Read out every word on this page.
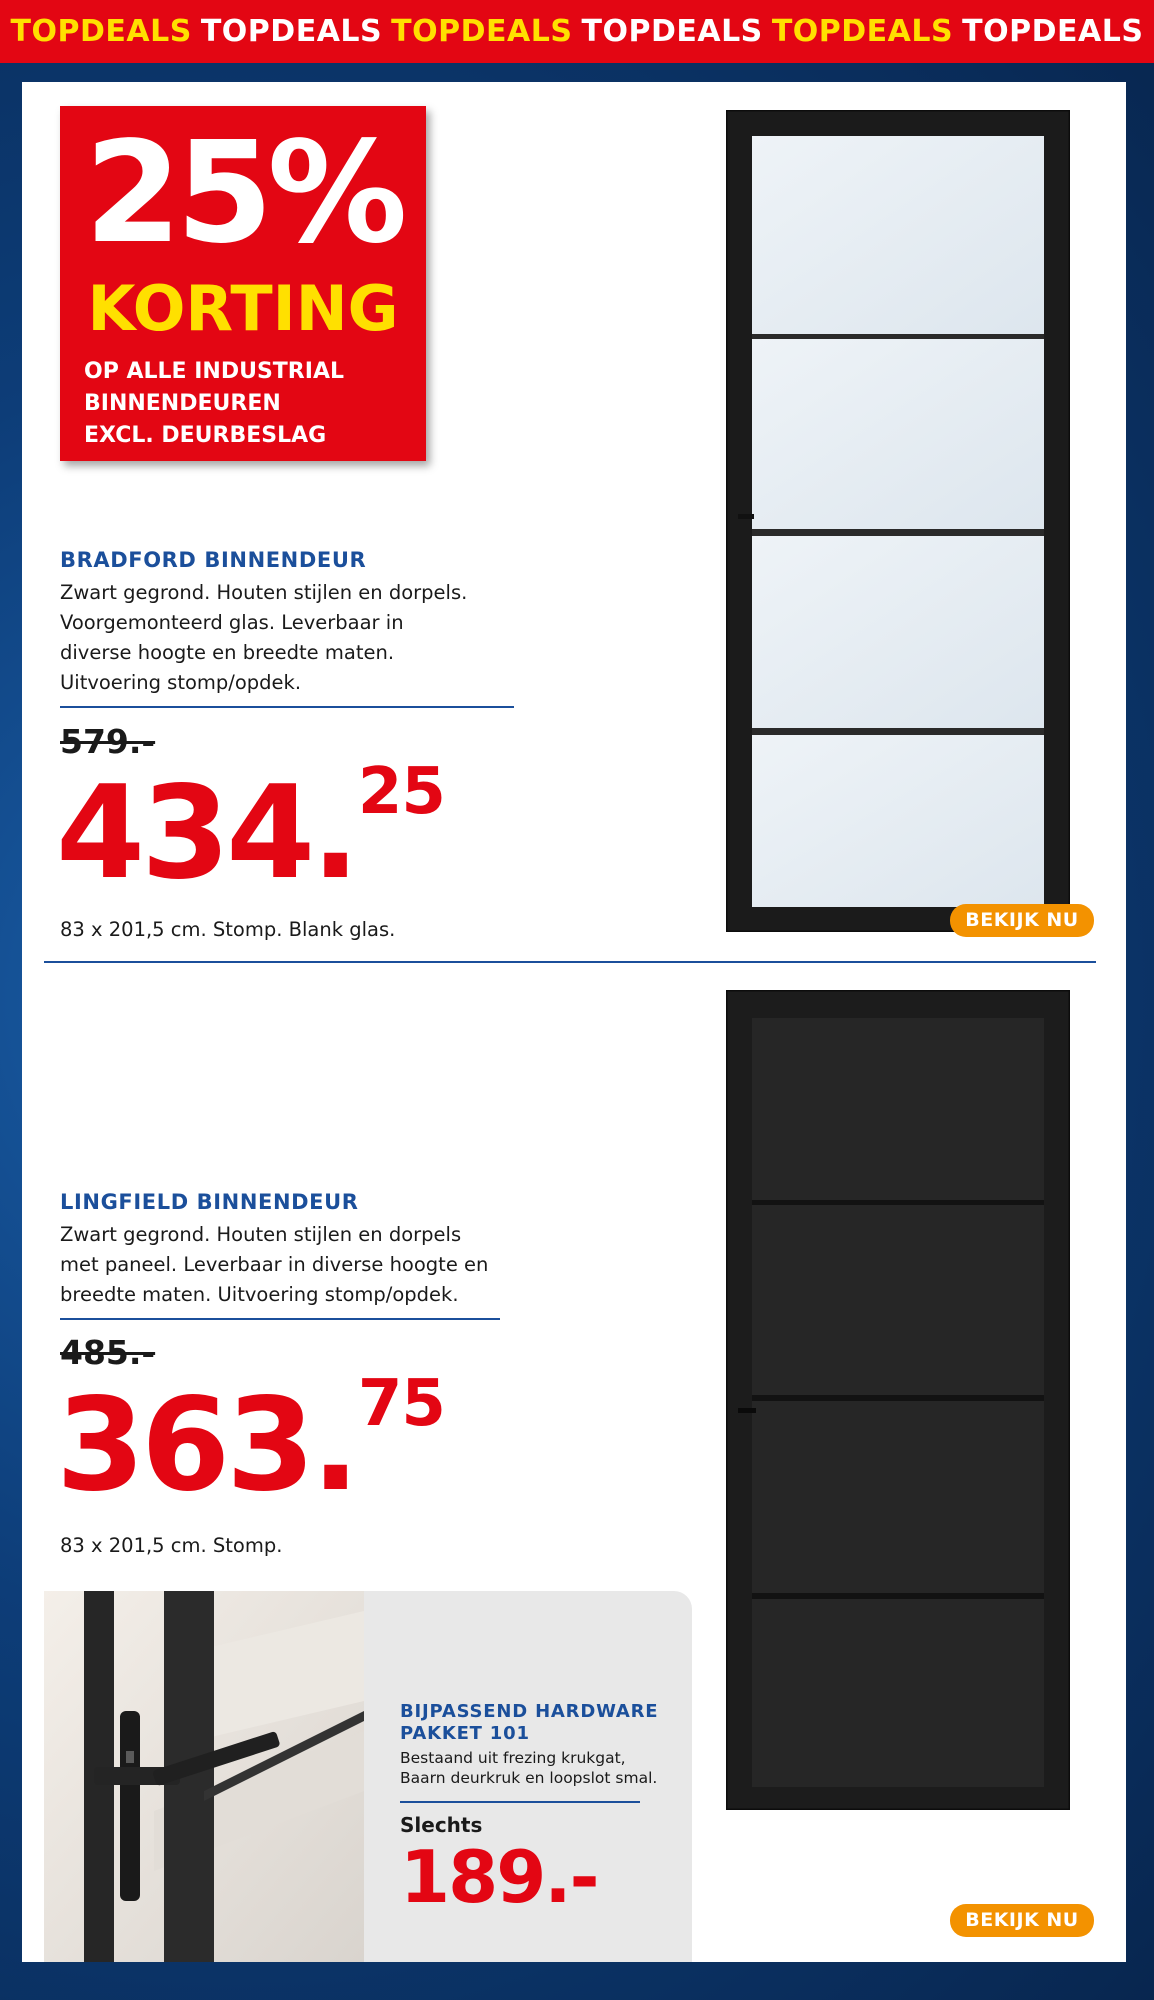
TOPDEALS TOPDEALS TOPDEALS TOPDEALS TOPDEALS TOPDEALS
25%
KORTING
OP ALLE INDUSTRIAL
BINNENDEUREN
EXCL. DEURBESLAG
BRADFORD BINNENDEUR
Zwart gegrond. Houten stijlen en dorpels.
Voorgemonteerd glas. Leverbaar in
diverse hoogte en breedte maten.
Uitvoering stomp/opdek.
579.-
434.25
83 x 201,5 cm. Stomp. Blank glas.	BEKIJK NU
LINGFIELD BINNENDEUR
Zwart gegrond. Houten stijlen en dorpels
met paneel. Leverbaar in diverse hoogte en
breedte maten. Uitvoering stomp/opdek.
485.-
363.75
83 x 201,5 cm. Stomp.
BEKIJK NU
BIJPASSEND HARDWARE
PAKKET 101
Bestaand uit frezing krukgat,
Baarn deurkruk en loopslot smal.
Slechts
189.-
